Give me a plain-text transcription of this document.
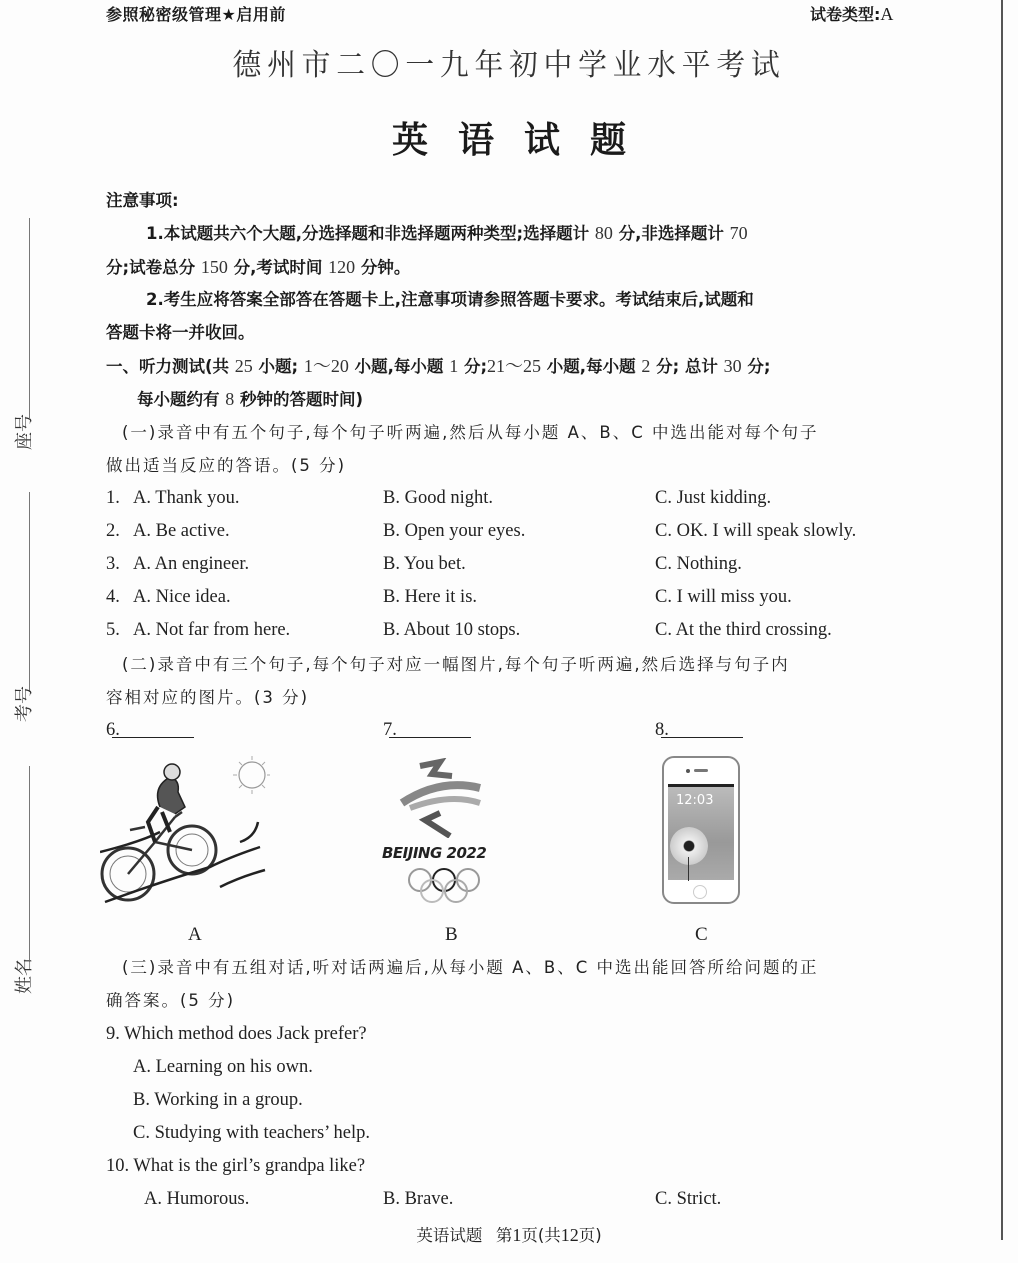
参照秘密级管理★启用前	试卷类型:A
德州市二〇一九年初中学业水平考试
英语试题
座号
考号
姓名
注意事项:
1.本试题共六个大题,分选择题和非选择题两种类型;选择题计 80 分,非选择题计 70
分;试卷总分 150 分,考试时间 120 分钟。
2.考生应将答案全部答在答题卡上,注意事项请参照答题卡要求。考试结束后,试题和
答题卡将一并收回。
一、听力测试(共 25 小题; 1～20 小题,每小题 1 分;21～25 小题,每小题 2 分; 总计 30 分;
每小题约有 8 秒钟的答题时间)
(一)录音中有五个句子,每个句子听两遍,然后从每小题 A、B、C 中选出能对每个句子
做出适当反应的答语。(5 分)
1. A. Thank you.	B. Good night.	C. Just kidding.
2. A. Be active.	B. Open your eyes.	C. OK. I will speak slowly.
3. A. An engineer.	B. You bet.	C. Nothing.
4. A. Nice idea.	B. Here it is.	C. I will miss you.
5. A. Not far from here.	B. About 10 stops.	C. At the third crossing.
(二)录音中有三个句子,每个句子对应一幅图片,每个句子听两遍,然后选择与句子内
容相对应的图片。(3 分)
6.	7.	8.
A
BEIJING 2022
B
12:03
C
(三)录音中有五组对话,听对话两遍后,从每小题 A、B、C 中选出能回答所给问题的正
确答案。(5 分)
9. Which method does Jack prefer?
A. Learning on his own.
B. Working in a group.
C. Studying with teachers’ help.
10. What is the girl’s grandpa like?
A. Humorous.	B. Brave.	C. Strict.
英语试题 第1页(共12页)
